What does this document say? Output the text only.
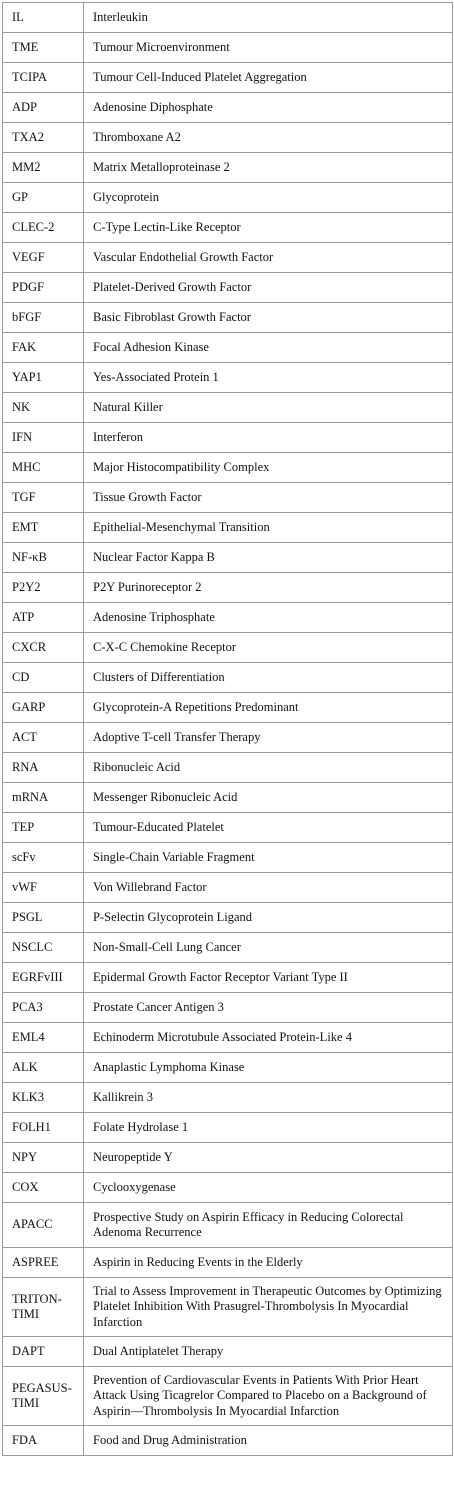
IL	Interleukin
TME	Tumour Microenvironment
TCIPA	Tumour Cell-Induced Platelet Aggregation
ADP	Adenosine Diphosphate
TXA2	Thromboxane A2
MM2	Matrix Metalloproteinase 2
GP	Glycoprotein
CLEC-2	C-Type Lectin-Like Receptor
VEGF	Vascular Endothelial Growth Factor
PDGF	Platelet-Derived Growth Factor
bFGF	Basic Fibroblast Growth Factor
FAK	Focal Adhesion Kinase
YAP1	Yes-Associated Protein 1
NK	Natural Killer
IFN	Interferon
MHC	Major Histocompatibility Complex
TGF	Tissue Growth Factor
EMT	Epithelial-Mesenchymal Transition
NF-κB	Nuclear Factor Kappa B
P2Y2	P2Y Purinoreceptor 2
ATP	Adenosine Triphosphate
CXCR	C-X-C Chemokine Receptor
CD	Clusters of Differentiation
GARP	Glycoprotein-A Repetitions Predominant
ACT	Adoptive T-cell Transfer Therapy
RNA	Ribonucleic Acid
mRNA	Messenger Ribonucleic Acid
TEP	Tumour-Educated Platelet
scFv	Single-Chain Variable Fragment
vWF	Von Willebrand Factor
PSGL	P-Selectin Glycoprotein Ligand
NSCLC	Non-Small-Cell Lung Cancer
EGRFvIII	Epidermal Growth Factor Receptor Variant Type II
PCA3	Prostate Cancer Antigen 3
EML4	Echinoderm Microtubule Associated Protein-Like 4
ALK	Anaplastic Lymphoma Kinase
KLK3	Kallikrein 3
FOLH1	Folate Hydrolase 1
NPY	Neuropeptide Y
COX	Cyclooxygenase
APACC	Prospective Study on Aspirin Efficacy in Reducing Colorectal Adenoma Recurrence
ASPREE	Aspirin in Reducing Events in the Elderly
TRITON-TIMI	Trial to Assess Improvement in Therapeutic Outcomes by Optimizing Platelet Inhibition With Prasugrel-Thrombolysis In Myocardial Infarction
DAPT	Dual Antiplatelet Therapy
PEGASUS-TIMI	Prevention of Cardiovascular Events in Patients With Prior Heart Attack Using Ticagrelor Compared to Placebo on a Background of Aspirin—Thrombolysis In Myocardial Infarction
FDA	Food and Drug Administration
